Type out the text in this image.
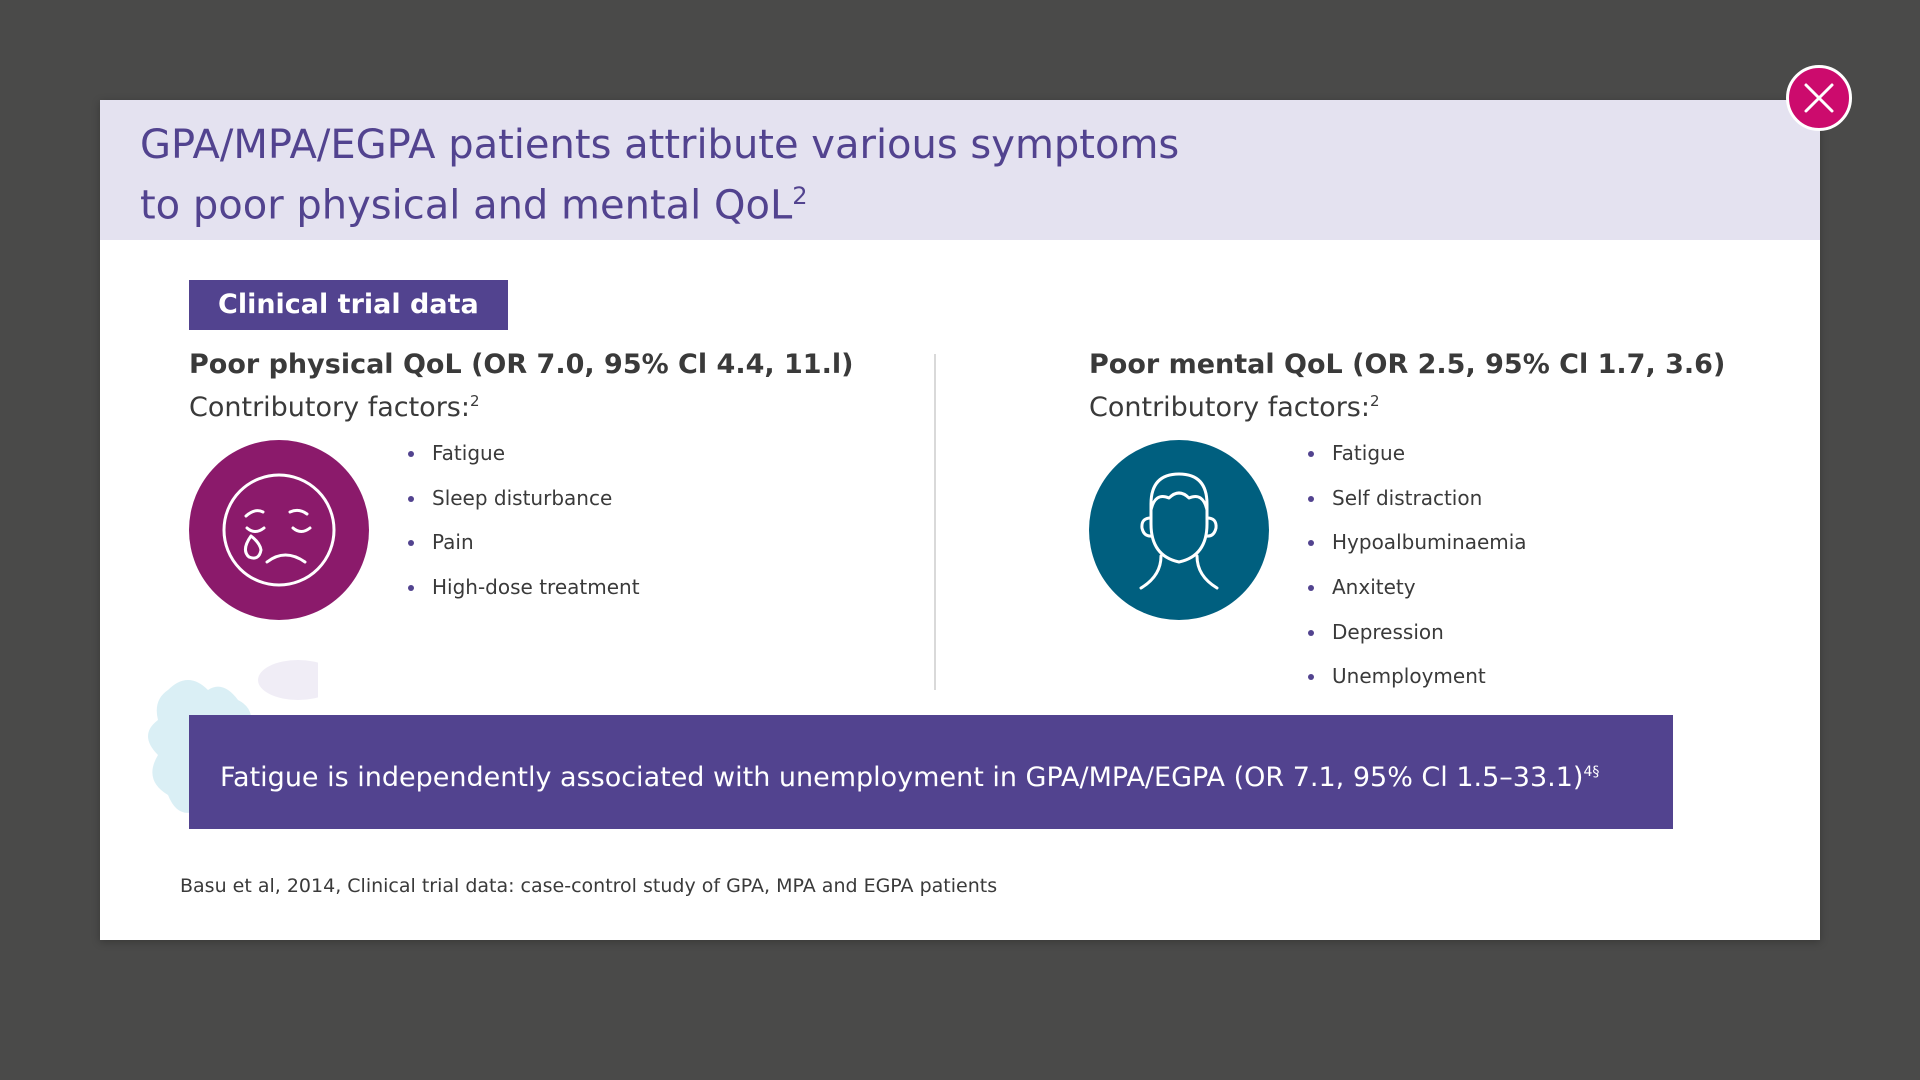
GPA/MPA/EGPA patients attribute various symptoms
to poor physical and mental QoL$^2$
Clinical trial data
Poor physical QoL (OR 7.0, 95% Cl 4.4, 11.l)

Contributory factors:$^2$

Fatigue
Sleep disturbance
Pain
High-dose treatment
Poor mental QoL (OR 2.5, 95% Cl 1.7, 3.6)

Contributory factors:$^2$

Fatigue
Self distraction
Hypoalbuminaemia
Anxitety
Depression
Unemployment

Fatigue is independently associated with unemployment in GPA/MPA/EGPA (OR 7.1, 95% Cl 1.5–33.1)$^{4\S}$

Basu et al, 2014, Clinical trial data: case-control study of GPA, MPA and EGPA patients
